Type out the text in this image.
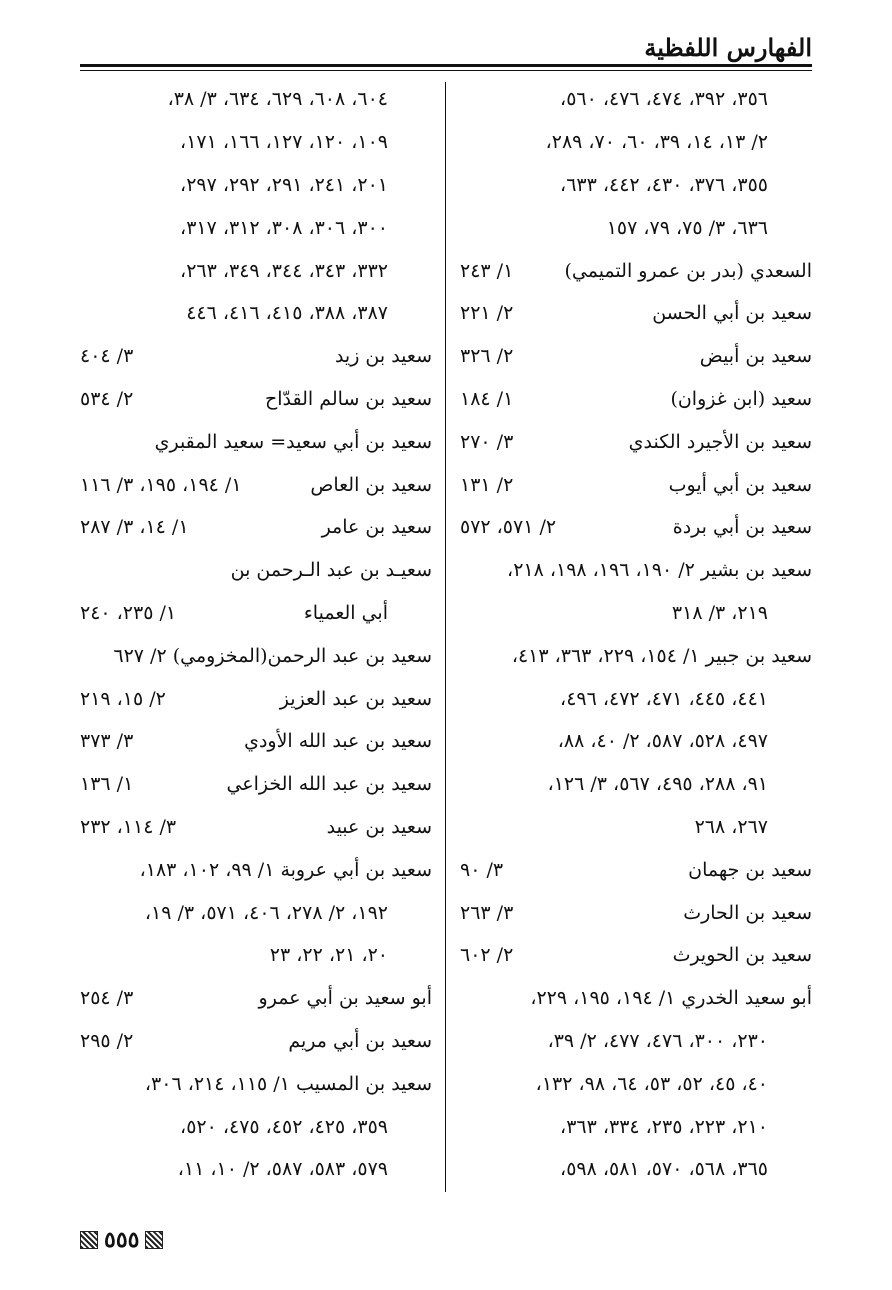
الفهارس اللفظية
٣٥٦، ٣٩٢، ٤٧٤، ٤٧٦، ٥٦٠،
٢/ ١٣، ١٤، ٣٩، ٦٠، ٧٠، ٢٨٩،
٣٥٥، ٣٧٦، ٤٣٠، ٤٤٢، ٦٣٣،
٦٣٦، ٣/ ٧٥، ٧٩، ١٥٧
السعدي (بدر بن عمرو التميمي)
١/ ٢٤٣
سعيد بن أبي الحسن
٢/ ٢٢١
سعيد بن أبيض
٢/ ٣٢٦
سعيد (ابن غزوان)
١/ ١٨٤
سعيد بن الأجيرد الكندي
٣/ ٢٧٠
سعيد بن أبي أيوب
٢/ ١٣١
سعيد بن أبي بردة
٢/ ٥٧١، ٥٧٢
سعيد بن بشير ٢/ ١٩٠، ١٩٦، ١٩٨، ٢١٨،
٢١٩، ٣/ ٣١٨
سعيد بن جبير ١/ ١٥٤، ٢٢٩، ٣٦٣، ٤١٣،
٤٤١، ٤٤٥، ٤٧١، ٤٧٢، ٤٩٦،
٤٩٧، ٥٢٨، ٥٨٧، ٢/ ٤٠، ٨٨،
٩١، ٢٨٨، ٤٩٥، ٥٦٧، ٣/ ١٢٦،
٢٦٧، ٢٦٨
سعيد بن جهمان
٣/ ٩٠
سعيد بن الحارث
٣/ ٢٦٣
سعيد بن الحويرث
٢/ ٦٠٢
أبو سعيد الخدري ١/ ١٩٤، ١٩٥، ٢٢٩،
٢٣٠، ٣٠٠، ٤٧٦، ٤٧٧، ٢/ ٣٩،
٤٠، ٤٥، ٥٢، ٥٣، ٦٤، ٩٨، ١٣٢،
٢١٠، ٢٢٣، ٢٣٥، ٣٣٤، ٣٦٣،
٣٦٥، ٥٦٨، ٥٧٠، ٥٨١، ٥٩٨،
٦٠٤، ٦٠٨، ٦٢٩، ٦٣٤، ٣/ ٣٨،
١٠٩، ١٢٠، ١٢٧، ١٦٦، ١٧١،
٢٠١، ٢٤١، ٢٩١، ٢٩٢، ٢٩٧،
٣٠٠، ٣٠٦، ٣٠٨، ٣١٢، ٣١٧،
٣٣٢، ٣٤٣، ٣٤٤، ٣٤٩، ٢٦٣،
٣٨٧، ٣٨٨، ٤١٥، ٤١٦، ٤٤٦
سعيد بن زيد
٣/ ٤٠٤
سعيد بن سالم القدّاح
٢/ ٥٣٤
سعيد بن أبي سعيد= سعيد المقبري
سعيد بن العاص
١/ ١٩٤، ١٩٥، ٣/ ١١٦
سعيد بن عامر
١/ ١٤، ٣/ ٢٨٧
سعيـد بن عبد الـرحمن بن
أبي العمياء
١/ ٢٣٥، ٢٤٠
سعيد بن عبد الرحمن(المخزومي) ٢/ ٦٢٧
سعيد بن عبد العزيز
٢/ ١٥، ٢١٩
سعيد بن عبد الله الأودي
٣/ ٣٧٣
سعيد بن عبد الله الخزاعي
١/ ١٣٦
سعيد بن عبيد
٣/ ١١٤، ٢٣٢
سعيد بن أبي عروبة ١/ ٩٩، ١٠٢، ١٨٣،
١٩٢، ٢/ ٢٧٨، ٤٠٦، ٥٧١، ٣/ ١٩،
٢٠، ٢١، ٢٢، ٢٣
أبو سعيد بن أبي عمرو
٣/ ٢٥٤
سعيد بن أبي مريم
٢/ ٢٩٥
سعيد بن المسيب ١/ ١١٥، ٢١٤، ٣٠٦،
٣٥٩، ٤٢٥، ٤٥٢، ٤٧٥، ٥٢٠،
٥٧٩، ٥٨٣، ٥٨٧، ٢/ ١٠، ١١،
٥٥٥
